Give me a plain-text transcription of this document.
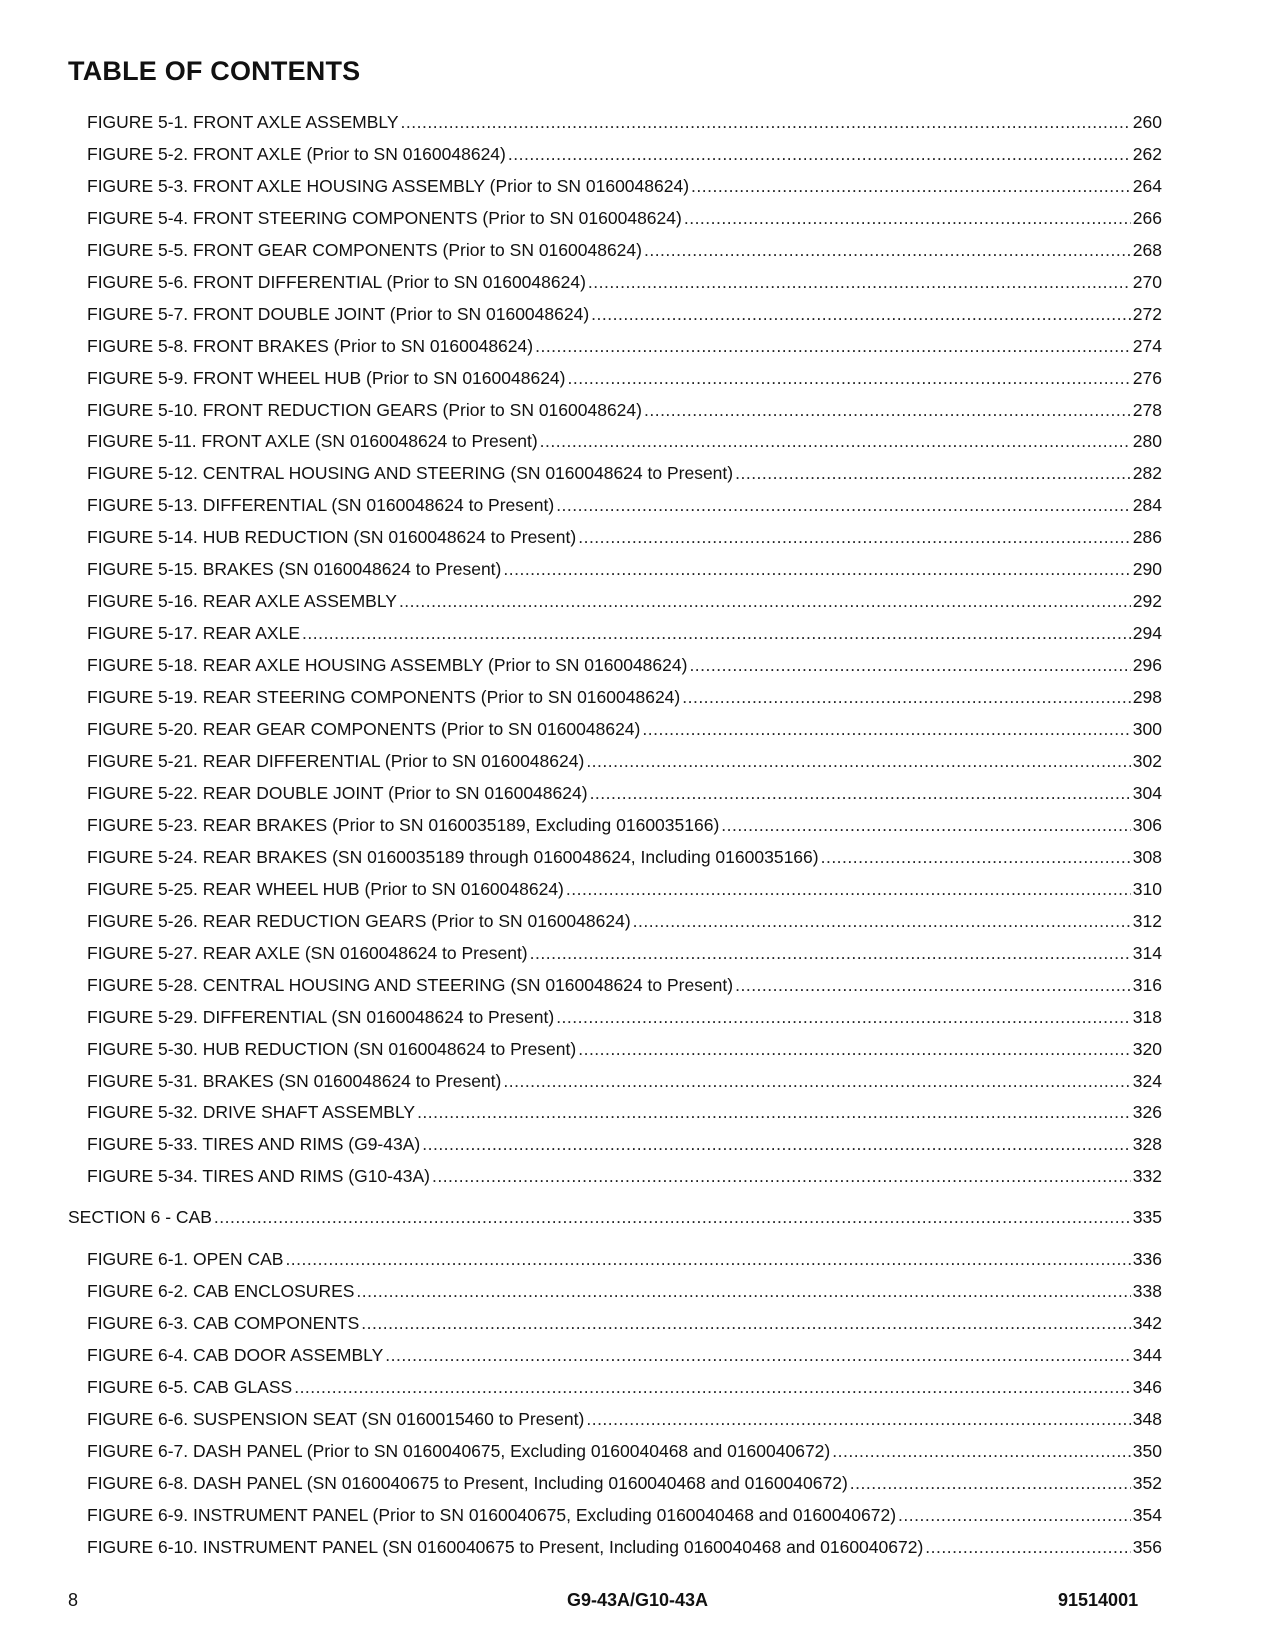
TABLE OF CONTENTS
FIGURE 5-1. FRONT AXLE ASSEMBLY .....	260
FIGURE 5-2. FRONT AXLE (Prior to SN 0160048624) .....	262
FIGURE 5-3. FRONT AXLE HOUSING ASSEMBLY (Prior to SN 0160048624) .....	264
FIGURE 5-4. FRONT STEERING COMPONENTS (Prior to SN 0160048624) .....	266
FIGURE 5-5. FRONT GEAR COMPONENTS (Prior to SN 0160048624) .....	268
FIGURE 5-6. FRONT DIFFERENTIAL (Prior to SN 0160048624) .....	270
FIGURE 5-7. FRONT DOUBLE JOINT (Prior to SN 0160048624) .....	272
FIGURE 5-8. FRONT BRAKES (Prior to SN 0160048624) .....	274
FIGURE 5-9. FRONT WHEEL HUB (Prior to SN 0160048624) .....	276
FIGURE 5-10. FRONT REDUCTION GEARS (Prior to SN 0160048624) .....	278
FIGURE 5-11. FRONT AXLE (SN 0160048624 to Present) .....	280
FIGURE 5-12. CENTRAL HOUSING AND STEERING (SN 0160048624 to Present) .....	282
FIGURE 5-13. DIFFERENTIAL (SN 0160048624 to Present) .....	284
FIGURE 5-14. HUB REDUCTION (SN 0160048624 to Present) .....	286
FIGURE 5-15. BRAKES (SN 0160048624 to Present) .....	290
FIGURE 5-16. REAR AXLE ASSEMBLY .....	292
FIGURE 5-17. REAR AXLE .....	294
FIGURE 5-18. REAR AXLE HOUSING ASSEMBLY (Prior to SN 0160048624) .....	296
FIGURE 5-19. REAR STEERING COMPONENTS (Prior to SN 0160048624) .....	298
FIGURE 5-20. REAR GEAR COMPONENTS (Prior to SN 0160048624) .....	300
FIGURE 5-21. REAR DIFFERENTIAL (Prior to SN 0160048624) .....	302
FIGURE 5-22. REAR DOUBLE JOINT (Prior to SN 0160048624) .....	304
FIGURE 5-23. REAR BRAKES (Prior to SN 0160035189, Excluding 0160035166) .....	306
FIGURE 5-24. REAR BRAKES (SN 0160035189 through 0160048624, Including 0160035166) .....	308
FIGURE 5-25. REAR WHEEL HUB (Prior to SN 0160048624) .....	310
FIGURE 5-26. REAR REDUCTION GEARS (Prior to SN 0160048624) .....	312
FIGURE 5-27. REAR AXLE (SN 0160048624 to Present) .....	314
FIGURE 5-28. CENTRAL HOUSING AND STEERING (SN 0160048624 to Present) .....	316
FIGURE 5-29. DIFFERENTIAL (SN 0160048624 to Present) .....	318
FIGURE 5-30. HUB REDUCTION (SN 0160048624 to Present) .....	320
FIGURE 5-31. BRAKES (SN 0160048624 to Present) .....	324
FIGURE 5-32. DRIVE SHAFT ASSEMBLY .....	326
FIGURE 5-33. TIRES AND RIMS (G9-43A) .....	328
FIGURE 5-34. TIRES AND RIMS (G10-43A) .....	332
SECTION 6 - CAB .....	335
FIGURE 6-1. OPEN CAB .....	336
FIGURE 6-2. CAB ENCLOSURES .....	338
FIGURE 6-3. CAB COMPONENTS .....	342
FIGURE 6-4. CAB DOOR ASSEMBLY .....	344
FIGURE 6-5. CAB GLASS .....	346
FIGURE 6-6. SUSPENSION SEAT (SN 0160015460 to Present) .....	348
FIGURE 6-7. DASH PANEL (Prior to SN 0160040675, Excluding 0160040468 and 0160040672) .....	350
FIGURE 6-8. DASH PANEL (SN 0160040675 to Present, Including 0160040468 and 0160040672) .....	352
FIGURE 6-9. INSTRUMENT PANEL (Prior to SN 0160040675, Excluding 0160040468 and 0160040672) .....	354
FIGURE 6-10. INSTRUMENT PANEL (SN 0160040675 to Present, Including 0160040468 and 0160040672) .....	356
8	G9-43A/G10-43A	91514001
